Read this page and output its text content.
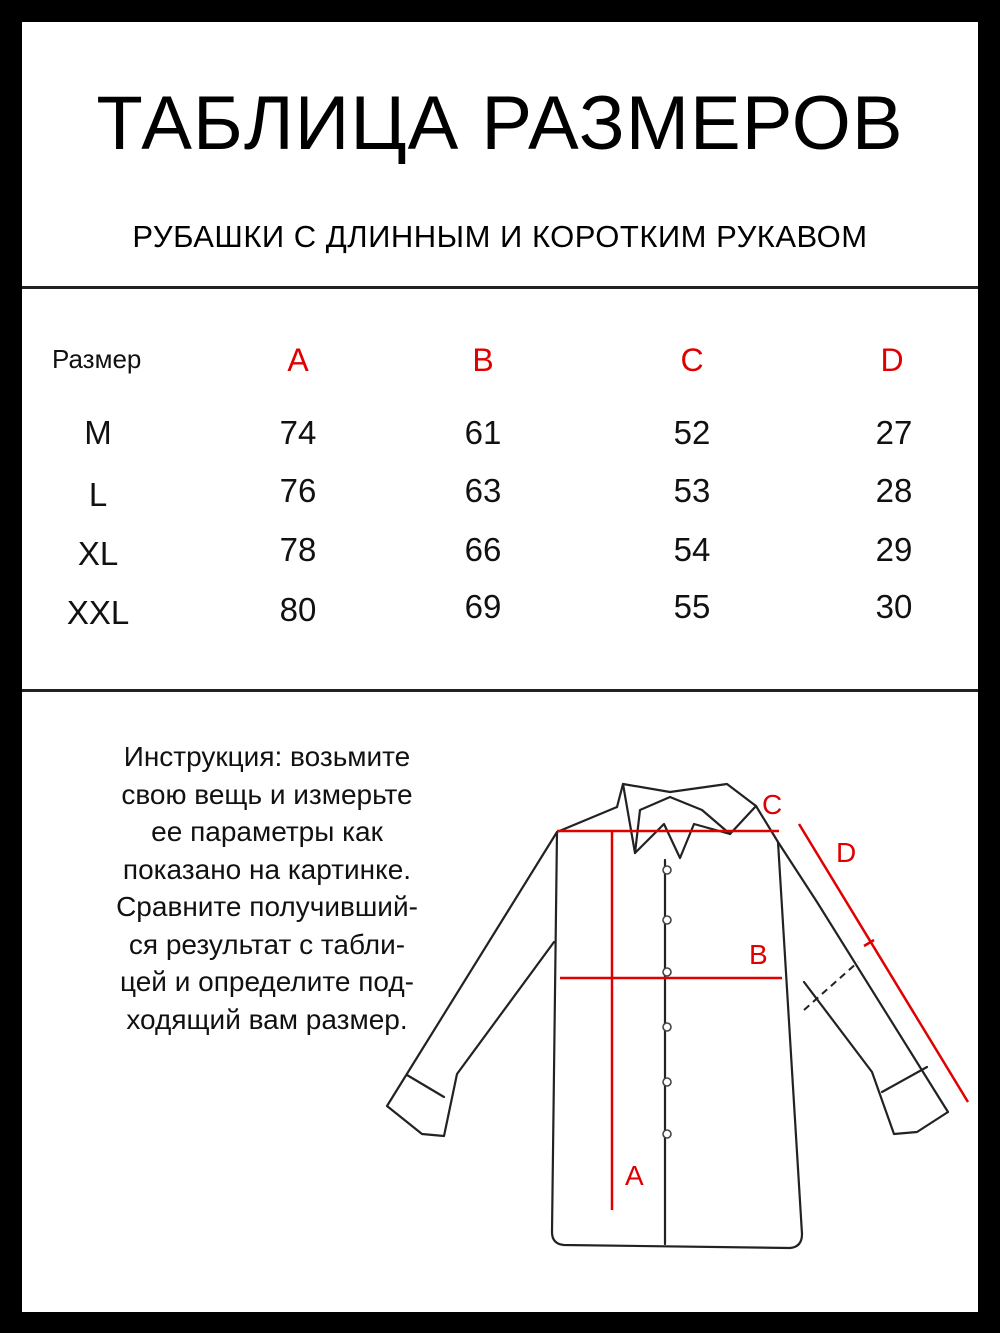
ТАБЛИЦА РАЗМЕРОВ
РУБАШКИ С ДЛИННЫМ И КОРОТКИМ РУКАВОМ
Размер	A	B	C	D
M	74	61	52	27
L	76	63	53	28
XL	78	66	54	29
XXL	80	69	55	30
Инструкция: возьмите
свою вещь и измерьте
ее параметры как
показано на картинке.
Сравните получивший-
ся результат с табли-
цей и определите под-
ходящий вам размер.
A
B
C
D
